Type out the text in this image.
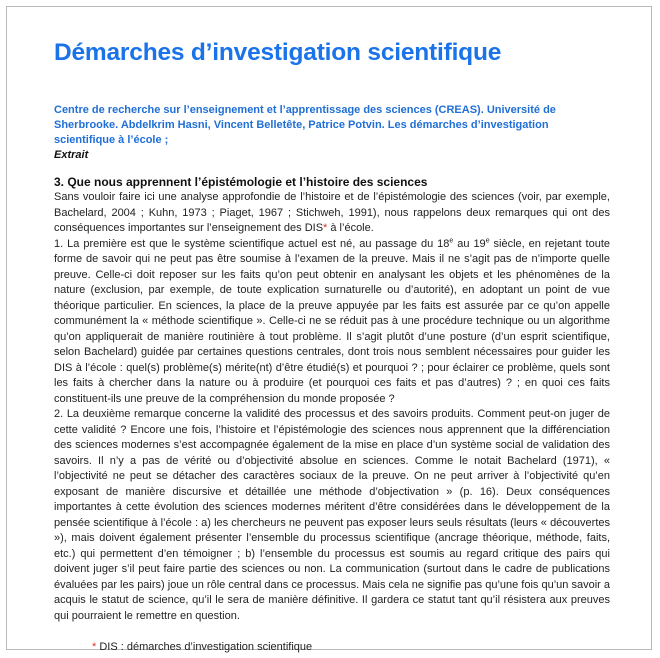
Démarches d’investigation scientifique
Centre de recherche sur l’enseignement et l’apprentissage des sciences (CREAS). Université de Sherbrooke. Abdelkrim Hasni, Vincent Belletête, Patrice Potvin. Les démarches d’investigation scientifique à l’école ;
Extrait
3. Que nous apprennent l’épistémologie et l’histoire des sciences

Sans vouloir faire ici une analyse approfondie de l’histoire et de l’épistémologie des sciences (voir, par exemple, Bachelard, 2004 ; Kuhn, 1973 ; Piaget, 1967 ; Stichweh, 1991), nous rappelons deux remarques qui ont des conséquences importantes sur l’enseignement des DIS* à l’école.

1. La première est que le système scientifique actuel est né, au passage du 18e au 19e siècle, en rejetant toute forme de savoir qui ne peut pas être soumise à l’examen de la preuve. Mais il ne s’agit pas de n’importe quelle preuve. Celle-ci doit reposer sur les faits qu’on peut obtenir en analysant les objets et les phénomènes de la nature (exclusion, par exemple, de toute explication surnaturelle ou d’autorité), en adoptant un point de vue théorique particulier. En sciences, la place de la preuve appuyée par les faits est assurée par ce qu’on appelle communément la « méthode scientifique ». Celle-ci ne se réduit pas à une procédure technique ou un algorithme qu’on appliquerait de manière routinière à tout problème. Il s’agit plutôt d’une posture (d’un esprit scientifique, selon Bachelard) guidée par certaines questions centrales, dont trois nous semblent nécessaires pour guider les DIS à l’école : quel(s) problème(s) mérite(nt) d’être étudié(s) et pourquoi ? ; pour éclairer ce problème, quels sont les faits à chercher dans la nature ou à produire (et pourquoi ces faits et pas d’autres) ? ; en quoi ces faits constituent-ils une preuve de la compréhension du monde proposée ?

2. La deuxième remarque concerne la validité des processus et des savoirs produits. Comment peut-on juger de cette validité ? Encore une fois, l’histoire et l’épistémologie des sciences nous apprennent que la différenciation des sciences modernes s’est accompagnée également de la mise en place d’un système social de validation des savoirs. Il n’y a pas de vérité ou d’objectivité absolue en sciences. Comme le notait Bachelard (1971), « l’objectivité ne peut se détacher des caractères sociaux de la preuve. On ne peut arriver à l’objectivité qu’en exposant de manière discursive et détaillée une méthode d’objectivation » (p. 16). Deux conséquences importantes à cette évolution des sciences modernes méritent d’être considérées dans le développement de la pensée scientifique à l’école : a) les chercheurs ne peuvent pas exposer leurs seuls résultats (leurs « découvertes »), mais doivent également présenter l’ensemble du processus scientifique (ancrage théorique, méthode, faits, etc.) qui permettent d’en témoigner ; b) l’ensemble du processus est soumis au regard critique des pairs qui doivent juger s’il peut faire partie des sciences ou non. La communication (surtout dans le cadre de publications évaluées par les pairs) joue un rôle central dans ce processus. Mais cela ne signifie pas qu’une fois qu’un savoir a acquis le statut de science, qu’il le sera de manière définitive. Il gardera ce statut tant qu’il résistera aux preuves qui pourraient le remettre en question.

* DIS : démarches d’investigation scientifique
